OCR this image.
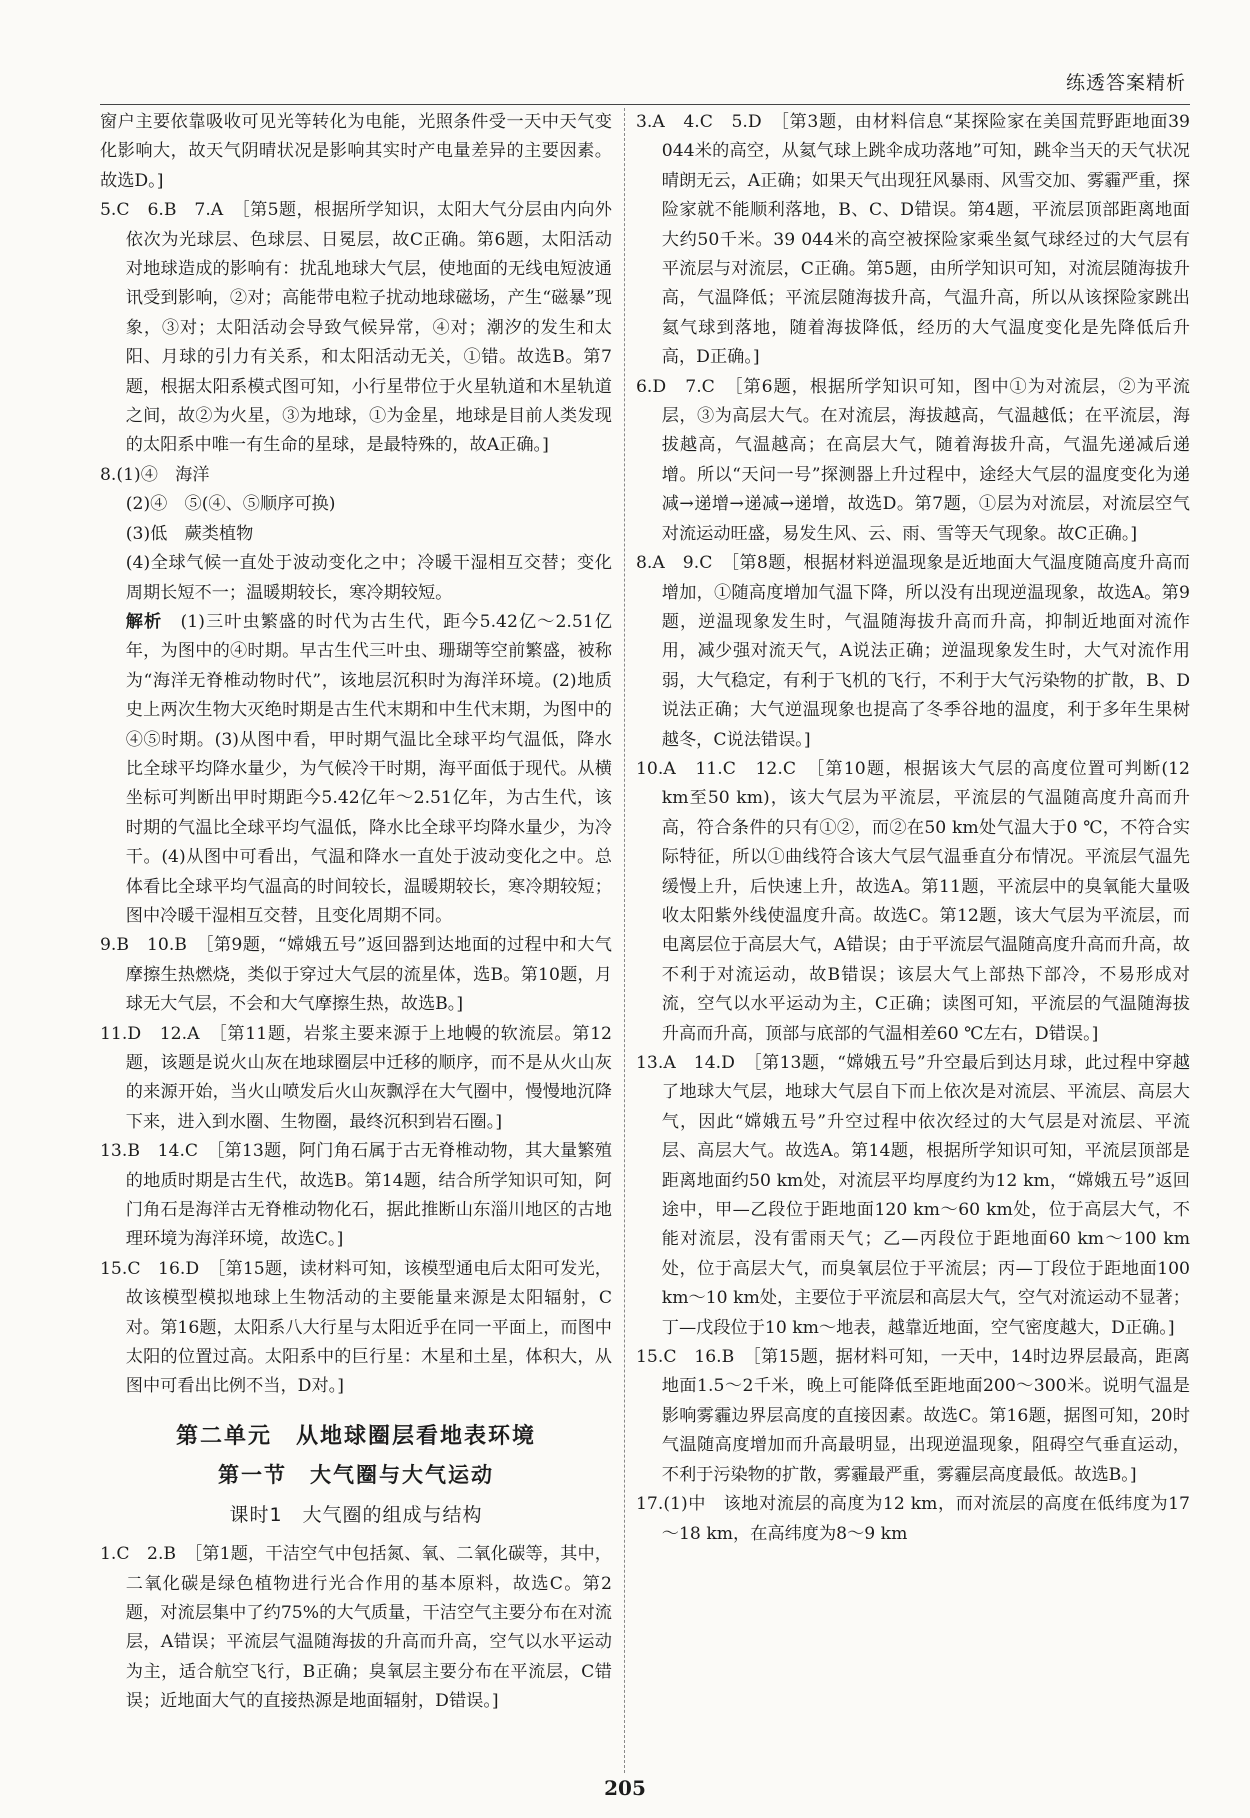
练透答案精析

窗户主要依靠吸收可见光等转化为电能，光照条件受一天中天气变化影响大，故天气阴晴状况是影响其实时产电量差异的主要因素。故选D。]

5.C　6.B　7.A　［第5题，根据所学知识，太阳大气分层由内向外依次为光球层、色球层、日冕层，故C正确。第6题，太阳活动对地球造成的影响有：扰乱地球大气层，使地面的无线电短波通讯受到影响，②对；高能带电粒子扰动地球磁场，产生“磁暴”现象，③对；太阳活动会导致气候异常，④对；潮汐的发生和太阳、月球的引力有关系，和太阳活动无关，①错。故选B。第7题，根据太阳系模式图可知，小行星带位于火星轨道和木星轨道之间，故②为火星，③为地球，①为金星，地球是目前人类发现的太阳系中唯一有生命的星球，是最特殊的，故A正确。]

8.(1)④　海洋

(2)④　⑤(④、⑤顺序可换)

(3)低　蕨类植物

(4)全球气候一直处于波动变化之中；冷暖干湿相互交替；变化周期长短不一；温暖期较长，寒冷期较短。

解析　 (1)三叶虫繁盛的时代为古生代，距今5.42亿～2.51亿年，为图中的④时期。早古生代三叶虫、珊瑚等空前繁盛，被称为“海洋无脊椎动物时代”，该地层沉积时为海洋环境。(2)地质史上两次生物大灭绝时期是古生代末期和中生代末期，为图中的④⑤时期。(3)从图中看，甲时期气温比全球平均气温低，降水比全球平均降水量少，为气候冷干时期，海平面低于现代。从横坐标可判断出甲时期距今5.42亿年～2.51亿年，为古生代，该时期的气温比全球平均气温低，降水比全球平均降水量少，为冷干。(4)从图中可看出，气温和降水一直处于波动变化之中。总体看比全球平均气温高的时间较长，温暖期较长，寒冷期较短；图中冷暖干湿相互交替，且变化周期不同。

9.B　10.B　［第9题，“嫦娥五号”返回器到达地面的过程中和大气摩擦生热燃烧，类似于穿过大气层的流星体，选B。第10题，月球无大气层，不会和大气摩擦生热，故选B。]

11.D　12.A　［第11题，岩浆主要来源于上地幔的软流层。第12题，该题是说火山灰在地球圈层中迁移的顺序，而不是从火山灰的来源开始，当火山喷发后火山灰飘浮在大气圈中，慢慢地沉降下来，进入到水圈、生物圈，最终沉积到岩石圈。]

13.B　14.C　［第13题，阿门角石属于古无脊椎动物，其大量繁殖的地质时期是古生代，故选B。第14题，结合所学知识可知，阿门角石是海洋古无脊椎动物化石，据此推断山东淄川地区的古地理环境为海洋环境，故选C。]

15.C　16.D　［第15题，读材料可知，该模型通电后太阳可发光，故该模型模拟地球上生物活动的主要能量来源是太阳辐射，C对。第16题，太阳系八大行星与太阳近乎在同一平面上，而图中太阳的位置过高。太阳系中的巨行星：木星和土星，体积大，从图中可看出比例不当，D对。]

第二单元　从地球圈层看地表环境
第一节　大气圈与大气运动
课时1　大气圈的组成与结构

1.C　2.B　［第1题，干洁空气中包括氮、氧、二氧化碳等，其中，二氧化碳是绿色植物进行光合作用的基本原料，故选C。第2题，对流层集中了约75%的大气质量，干洁空气主要分布在对流层，A错误；平流层气温随海拔的升高而升高，空气以水平运动为主，适合航空飞行，B正确；臭氧层主要分布在平流层，C错误；近地面大气的直接热源是地面辐射，D错误。]

3.A　4.C　5.D　［第3题，由材料信息“某探险家在美国荒野距地面39 044米的高空，从氦气球上跳伞成功落地”可知，跳伞当天的天气状况晴朗无云，A正确；如果天气出现狂风暴雨、风雪交加、雾霾严重，探险家就不能顺利落地，B、C、D错误。第4题，平流层顶部距离地面大约50千米。39 044米的高空被探险家乘坐氦气球经过的大气层有平流层与对流层，C正确。第5题，由所学知识可知，对流层随海拔升高，气温降低；平流层随海拔升高，气温升高，所以从该探险家跳出氦气球到落地，随着海拔降低，经历的大气温度变化是先降低后升高，D正确。]

6.D　7.C　［第6题，根据所学知识可知，图中①为对流层，②为平流层，③为高层大气。在对流层，海拔越高，气温越低；在平流层，海拔越高，气温越高；在高层大气，随着海拔升高，气温先递减后递增。所以“天问一号”探测器上升过程中，途经大气层的温度变化为递减→递增→递减→递增，故选D。第7题，①层为对流层，对流层空气对流运动旺盛，易发生风、云、雨、雪等天气现象。故C正确。]

8.A　9.C　［第8题，根据材料逆温现象是近地面大气温度随高度升高而增加，①随高度增加气温下降，所以没有出现逆温现象，故选A。第9题，逆温现象发生时，气温随海拔升高而升高，抑制近地面对流作用，减少强对流天气，A说法正确；逆温现象发生时，大气对流作用弱，大气稳定，有利于飞机的飞行，不利于大气污染物的扩散，B、D说法正确；大气逆温现象也提高了冬季谷地的温度，利于多年生果树越冬，C说法错误。]

10.A　11.C　12.C　［第10题，根据该大气层的高度位置可判断(12 km至50 km)，该大气层为平流层，平流层的气温随高度升高而升高，符合条件的只有①②，而②在50 km处气温大于0 ℃，不符合实际特征，所以①曲线符合该大气层气温垂直分布情况。平流层气温先缓慢上升，后快速上升，故选A。第11题，平流层中的臭氧能大量吸收太阳紫外线使温度升高。故选C。第12题，该大气层为平流层，而电离层位于高层大气，A错误；由于平流层气温随高度升高而升高，故不利于对流运动，故B错误；该层大气上部热下部冷，不易形成对流，空气以水平运动为主，C正确；读图可知，平流层的气温随海拔升高而升高，顶部与底部的气温相差60 ℃左右，D错误。]

13.A　14.D　［第13题，“嫦娥五号”升空最后到达月球，此过程中穿越了地球大气层，地球大气层自下而上依次是对流层、平流层、高层大气，因此“嫦娥五号”升空过程中依次经过的大气层是对流层、平流层、高层大气。故选A。第14题，根据所学知识可知，平流层顶部是距离地面约50 km处，对流层平均厚度约为12 km，“嫦娥五号”返回途中，甲—乙段位于距地面120 km～60 km处，位于高层大气，不能对流层，没有雷雨天气；乙—丙段位于距地面60 km～100 km处，位于高层大气，而臭氧层位于平流层；丙—丁段位于距地面100 km～10 km处，主要位于平流层和高层大气，空气对流运动不显著；丁—戊段位于10 km～地表，越靠近地面，空气密度越大，D正确。]

15.C　16.B　［第15题，据材料可知，一天中，14时边界层最高，距离地面1.5～2千米，晚上可能降低至距地面200～300米。说明气温是影响雾霾边界层高度的直接因素。故选C。第16题，据图可知，20时气温随高度增加而升高最明显，出现逆温现象，阻碍空气垂直运动，不利于污染物的扩散，雾霾最严重，雾霾层高度最低。故选B。]

17.(1)中　该地对流层的高度为12 km，而对流层的高度在低纬度为17～18 km，在高纬度为8～9 km

205
